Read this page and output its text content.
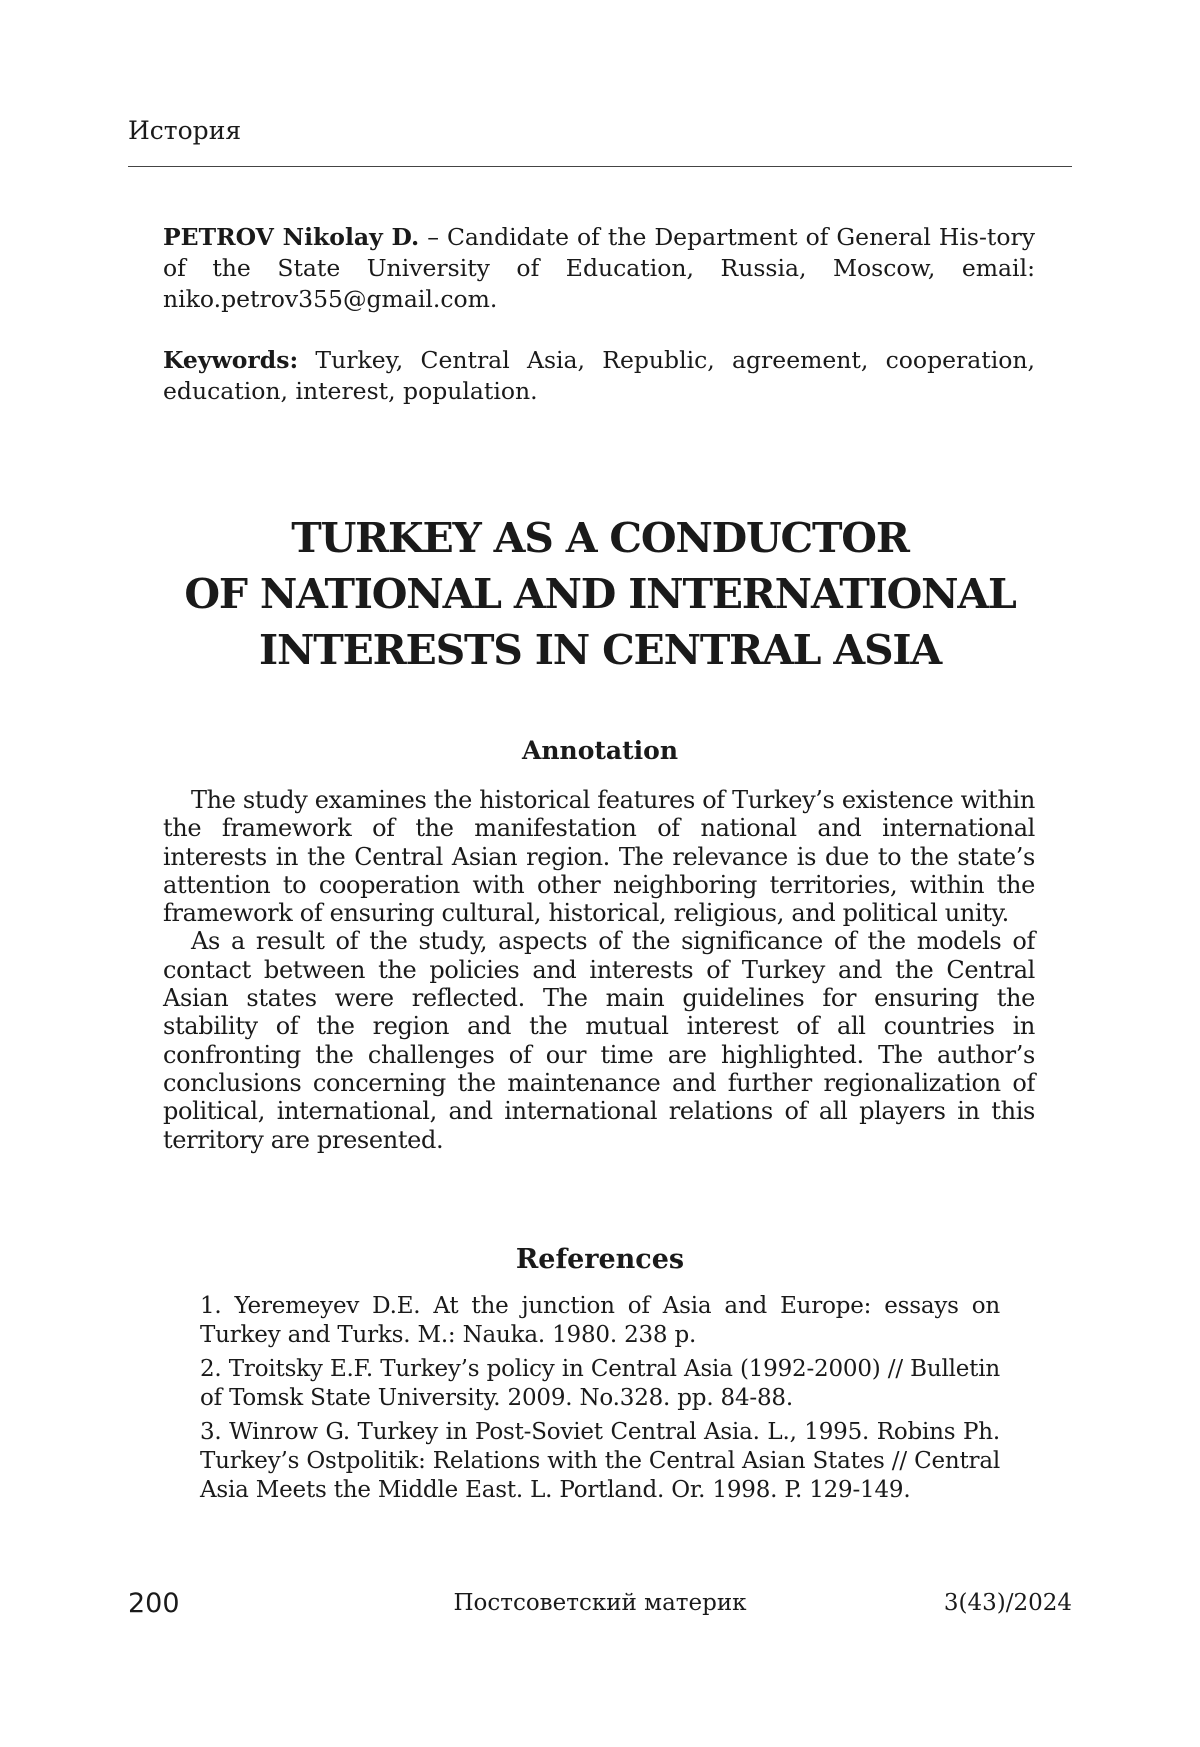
История

PETROV Nikolay D. – Candidate of the Department of General His-tory of the State University of Education, Russia, Moscow, email: niko.petrov355@gmail.com.

Keywords: Turkey, Central Asia, Republic, agreement, cooperation, education, interest, population.

TURKEY AS A CONDUCTOR
OF NATIONAL AND INTERNATIONAL
INTERESTS IN CENTRAL ASIA
Annotation

The study examines the historical features of Turkey’s existence within the framework of the manifestation of national and international interests in the Central Asian region. The relevance is due to the state’s attention to cooperation with other neighboring territories, within the framework of ensuring cultural, historical, religious, and political unity.

As a result of the study, aspects of the significance of the models of contact between the policies and interests of Turkey and the Central Asian states were reflected. The main guidelines for ensuring the stability of the region and the mutual interest of all countries in confronting the challenges of our time are highlighted. The author’s conclusions concerning the maintenance and further regionalization of political, international, and international relations of all players in this territory are presented.

References
1. Yeremeyev D.E. At the junction of Asia and Europe: essays on Turkey and Turks. M.: Nauka. 1980. 238 p.
2. Troitsky E.F. Turkey’s policy in Central Asia (1992-2000) // Bulletin of Tomsk State University. 2009. No.328. pp. 84-88.
3. Winrow G. Turkey in Post-Soviet Central Asia. L., 1995. Robins Ph. Turkey’s Ostpolitik: Relations with the Central Asian States // Central Asia Meets the Middle East. L. Portland. Or. 1998. P. 129-149.
200	Постсоветский материк	3(43)/2024
